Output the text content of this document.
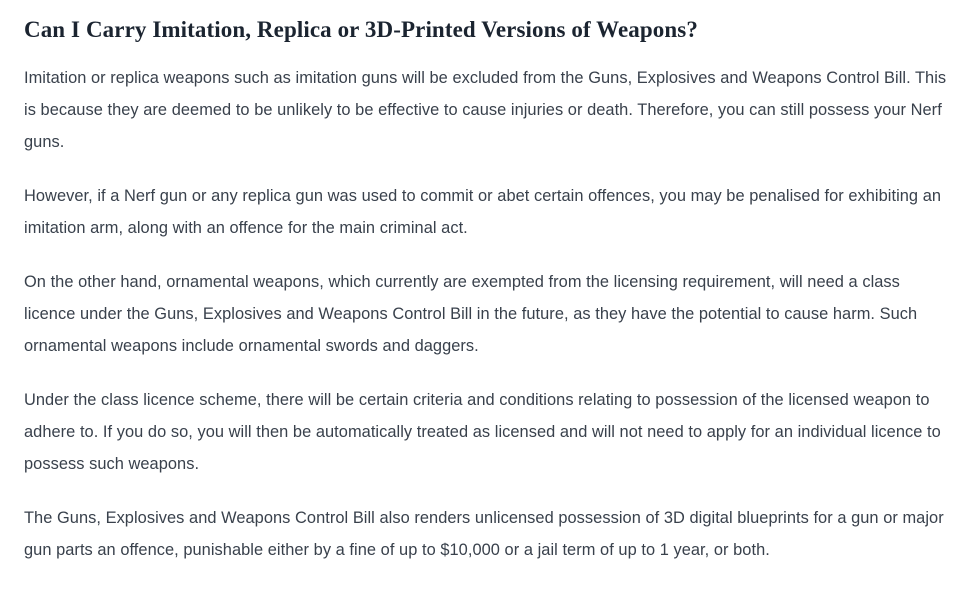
Can I Carry Imitation, Replica or 3D-Printed Versions of Weapons?

Imitation or replica weapons such as imitation guns will be excluded from the Guns, Explosives and Weapons Control Bill. This is because they are deemed to be unlikely to be effective to cause injuries or death. Therefore, you can still possess your Nerf guns.

However, if a Nerf gun or any replica gun was used to commit or abet certain offences, you may be penalised for exhibiting an imitation arm, along with an offence for the main criminal act.

On the other hand, ornamental weapons, which currently are exempted from the licensing requirement, will need a class licence under the Guns, Explosives and Weapons Control Bill in the future, as they have the potential to cause harm. Such ornamental weapons include ornamental swords and daggers.

Under the class licence scheme, there will be certain criteria and conditions relating to possession of the licensed weapon to adhere to. If you do so, you will then be automatically treated as licensed and will not need to apply for an individual licence to possess such weapons.

The Guns, Explosives and Weapons Control Bill also renders unlicensed possession of 3D digital blueprints for a gun or major gun parts an offence, punishable either by a fine of up to $10,000 or a jail term of up to 1 year, or both.
